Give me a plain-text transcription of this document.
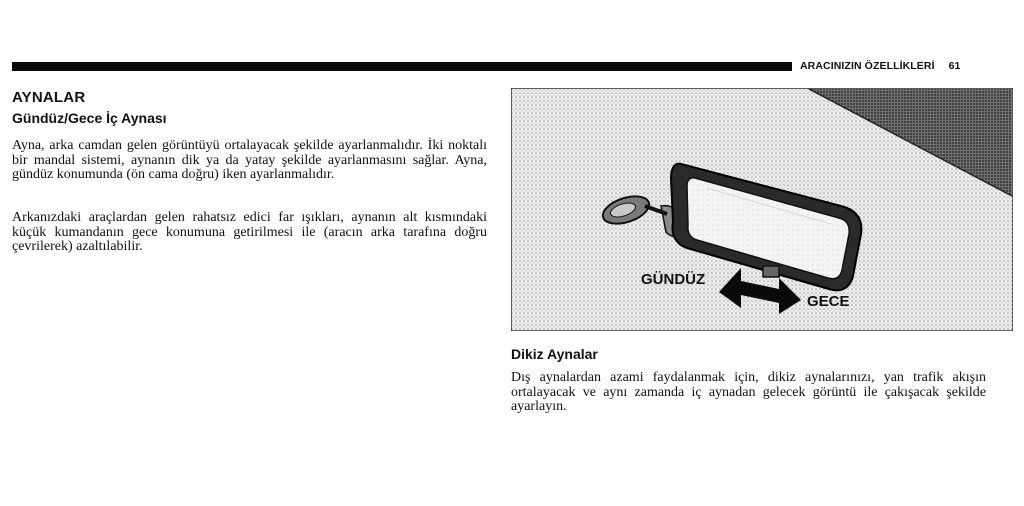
ARACINIZIN ÖZELLİKLERİ 61
AYNALAR
Gündüz/Gece İç Aynası
Ayna, arka camdan gelen görüntüyü ortalayacak şekilde ayarlanmalıdır. İki noktalı bir mandal sistemi, aynanın dik ya da yatay şekilde ayarlanmasını sağlar. Ayna, gündüz konumunda (ön cama doğru) iken ayarlanmalıdır.
Arkanızdaki araçlardan gelen rahatsız edici far ışıkları, aynanın alt kısmındaki küçük kumandanın gece konumuna getirilmesi ile (aracın arka tarafına doğru çevrilerek) azaltılabilir.
GÜNDÜZ
GECE
Dikiz Aynalar
Dış aynalardan azami faydalanmak için, dikiz aynalarınızı, yan trafik akışın ortalayacak ve aynı zamanda iç aynadan gelecek görüntü ile çakışacak şekilde ayarlayın.
